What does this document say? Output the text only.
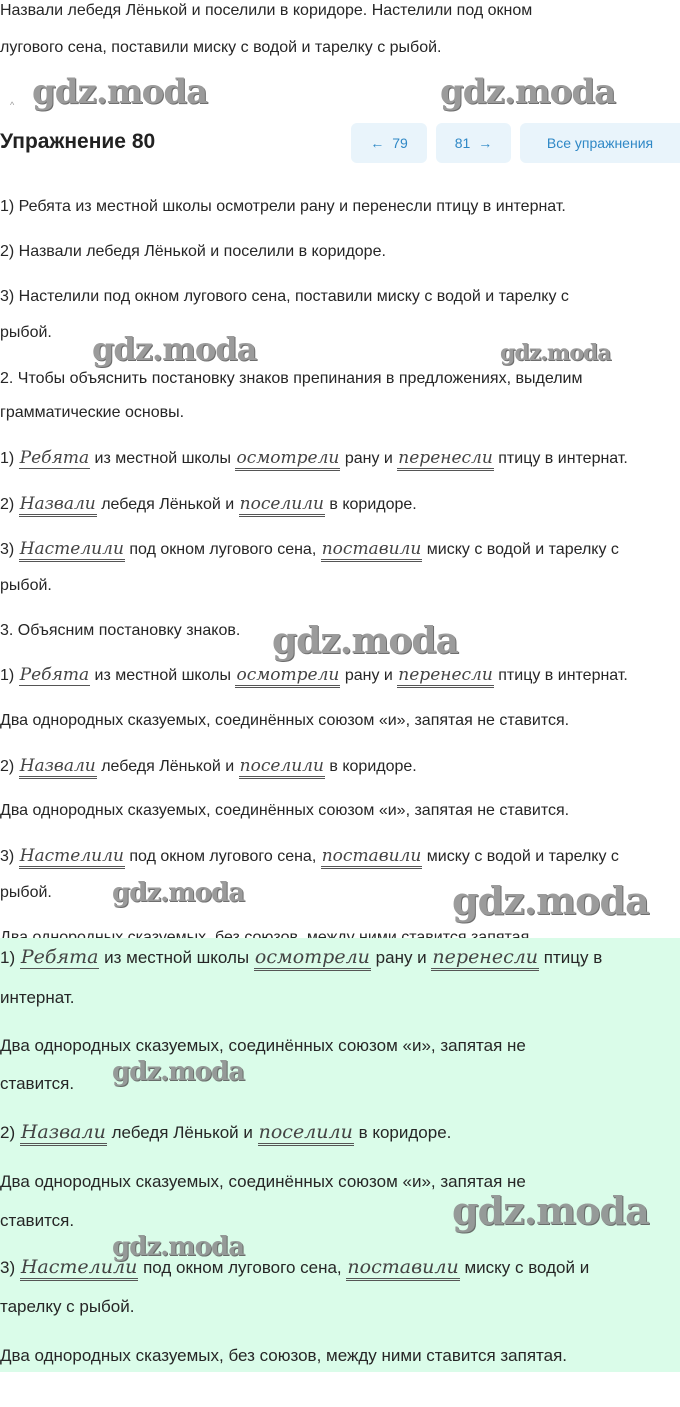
Назвали лебедя Лёнькой и поселили в коридоре. Настелили под окном
лугового сена, поставили миску с водой и тарелку с рыбой.
gdz.moda	gdz.moda
^
Упражнение 80	← 79	81 →	Все упражнения
1) Ребята из местной школы осмотрели рану и перенесли птицу в интернат.
2) Назвали лебедя Лёнькой и поселили в коридоре.
3) Настелили под окном лугового сена, поставили миску с водой и тарелку с
рыбой. gdz.moda	gdz.moda
2. Чтобы объяснить постановку знаков препинания в предложениях, выделим
грамматические основы.
1) Ребята из местной школы осмотрели рану и перенесли птицу в интернат.
2) Назвали лебедя Лёнькой и поселили в коридоре.
3) Настелили под окном лугового сена, поставили миску с водой и тарелку с
рыбой.
3. Объясним постановку знаков. gdz.moda
1) Ребята из местной школы осмотрели рану и перенесли птицу в интернат.
Два однородных сказуемых, соединённых союзом «и», запятая не ставится.
2) Назвали лебедя Лёнькой и поселили в коридоре.
Два однородных сказуемых, соединённых союзом «и», запятая не ставится.
3) Настелили под окном лугового сена, поставили миску с водой и тарелку с
рыбой. gdz.moda	gdz.moda
1) Ребята из местной школы осмотрели рану и перенесли птицу в
интернат.
Два однородных сказуемых, соединённых союзом «и», запятая не
ставится. gdz.moda
2) Назвали лебедя Лёнькой и поселили в коридоре.
Два однородных сказуемых, соединённых союзом «и», запятая не
ставится.	gdz.moda
gdz.moda
3) Настелили под окном лугового сена, поставили миску с водой и
тарелку с рыбой.
Два однородных сказуемых, без союзов, между ними ставится запятая.
